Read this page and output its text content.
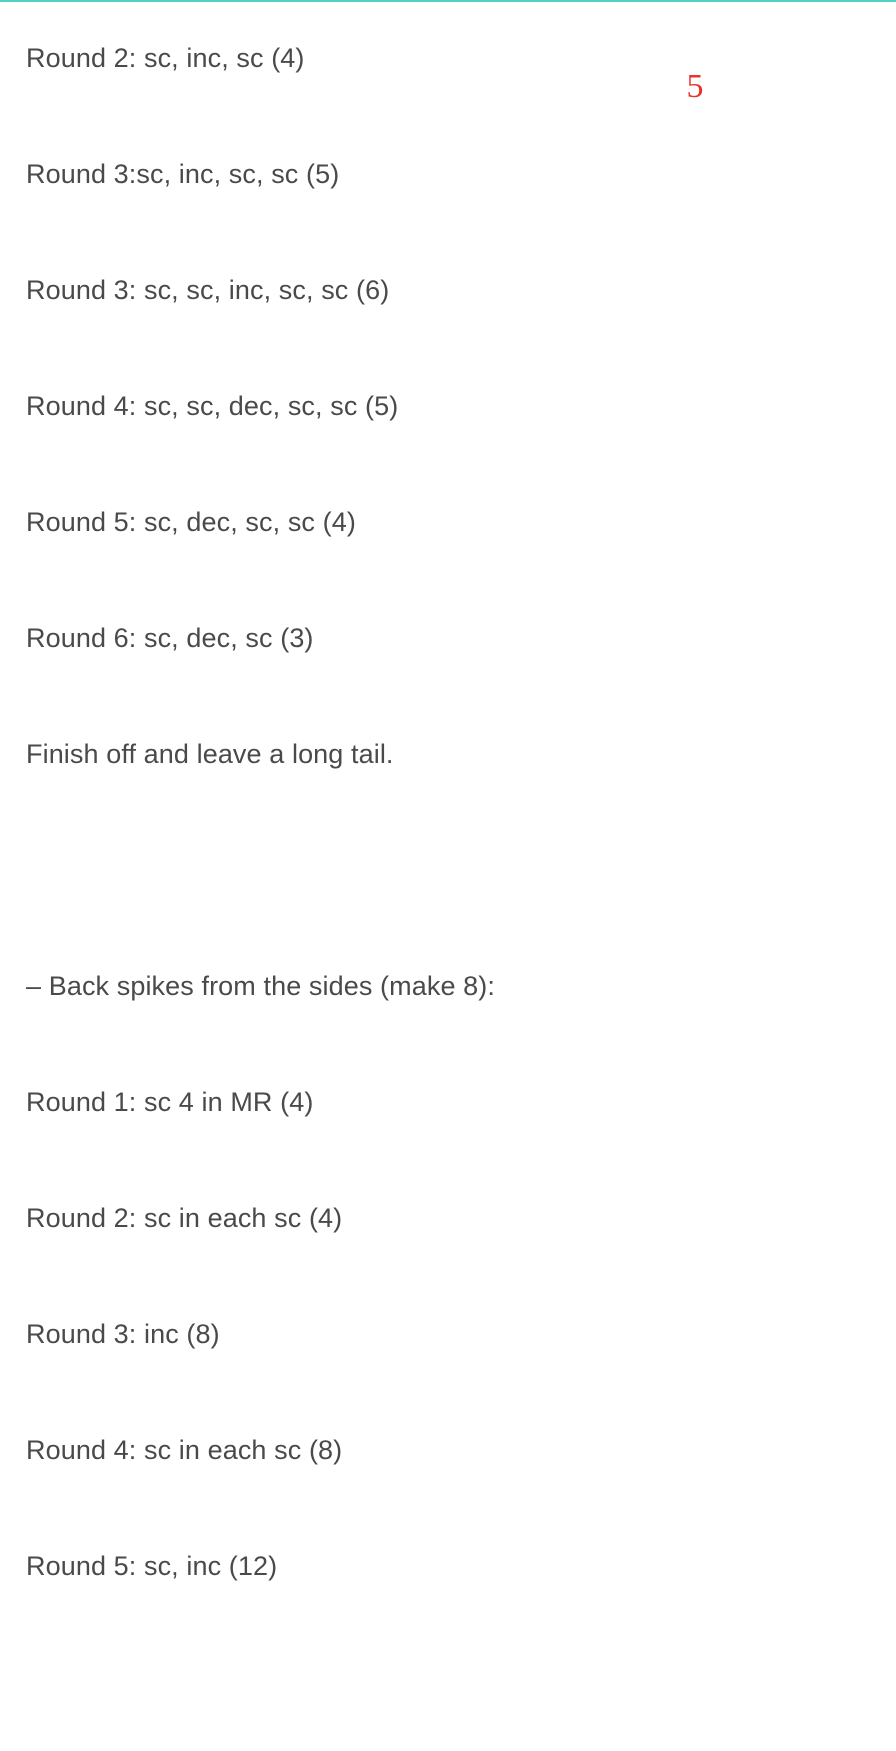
Round 2: sc, inc, sc (4)
Round 3:sc, inc, sc, sc (5)
Round 3: sc, sc, inc, sc, sc (6)
Round 4: sc, sc, dec, sc, sc (5)
Round 5: sc, dec, sc, sc (4)
Round 6: sc, dec, sc (3)
Finish off and leave a long tail.
– Back spikes from the sides (make 8):
Round 1: sc 4 in MR (4)
Round 2: sc in each sc (4)
Round 3: inc (8)
Round 4: sc in each sc (8)
Round 5: sc, inc (12)
5
